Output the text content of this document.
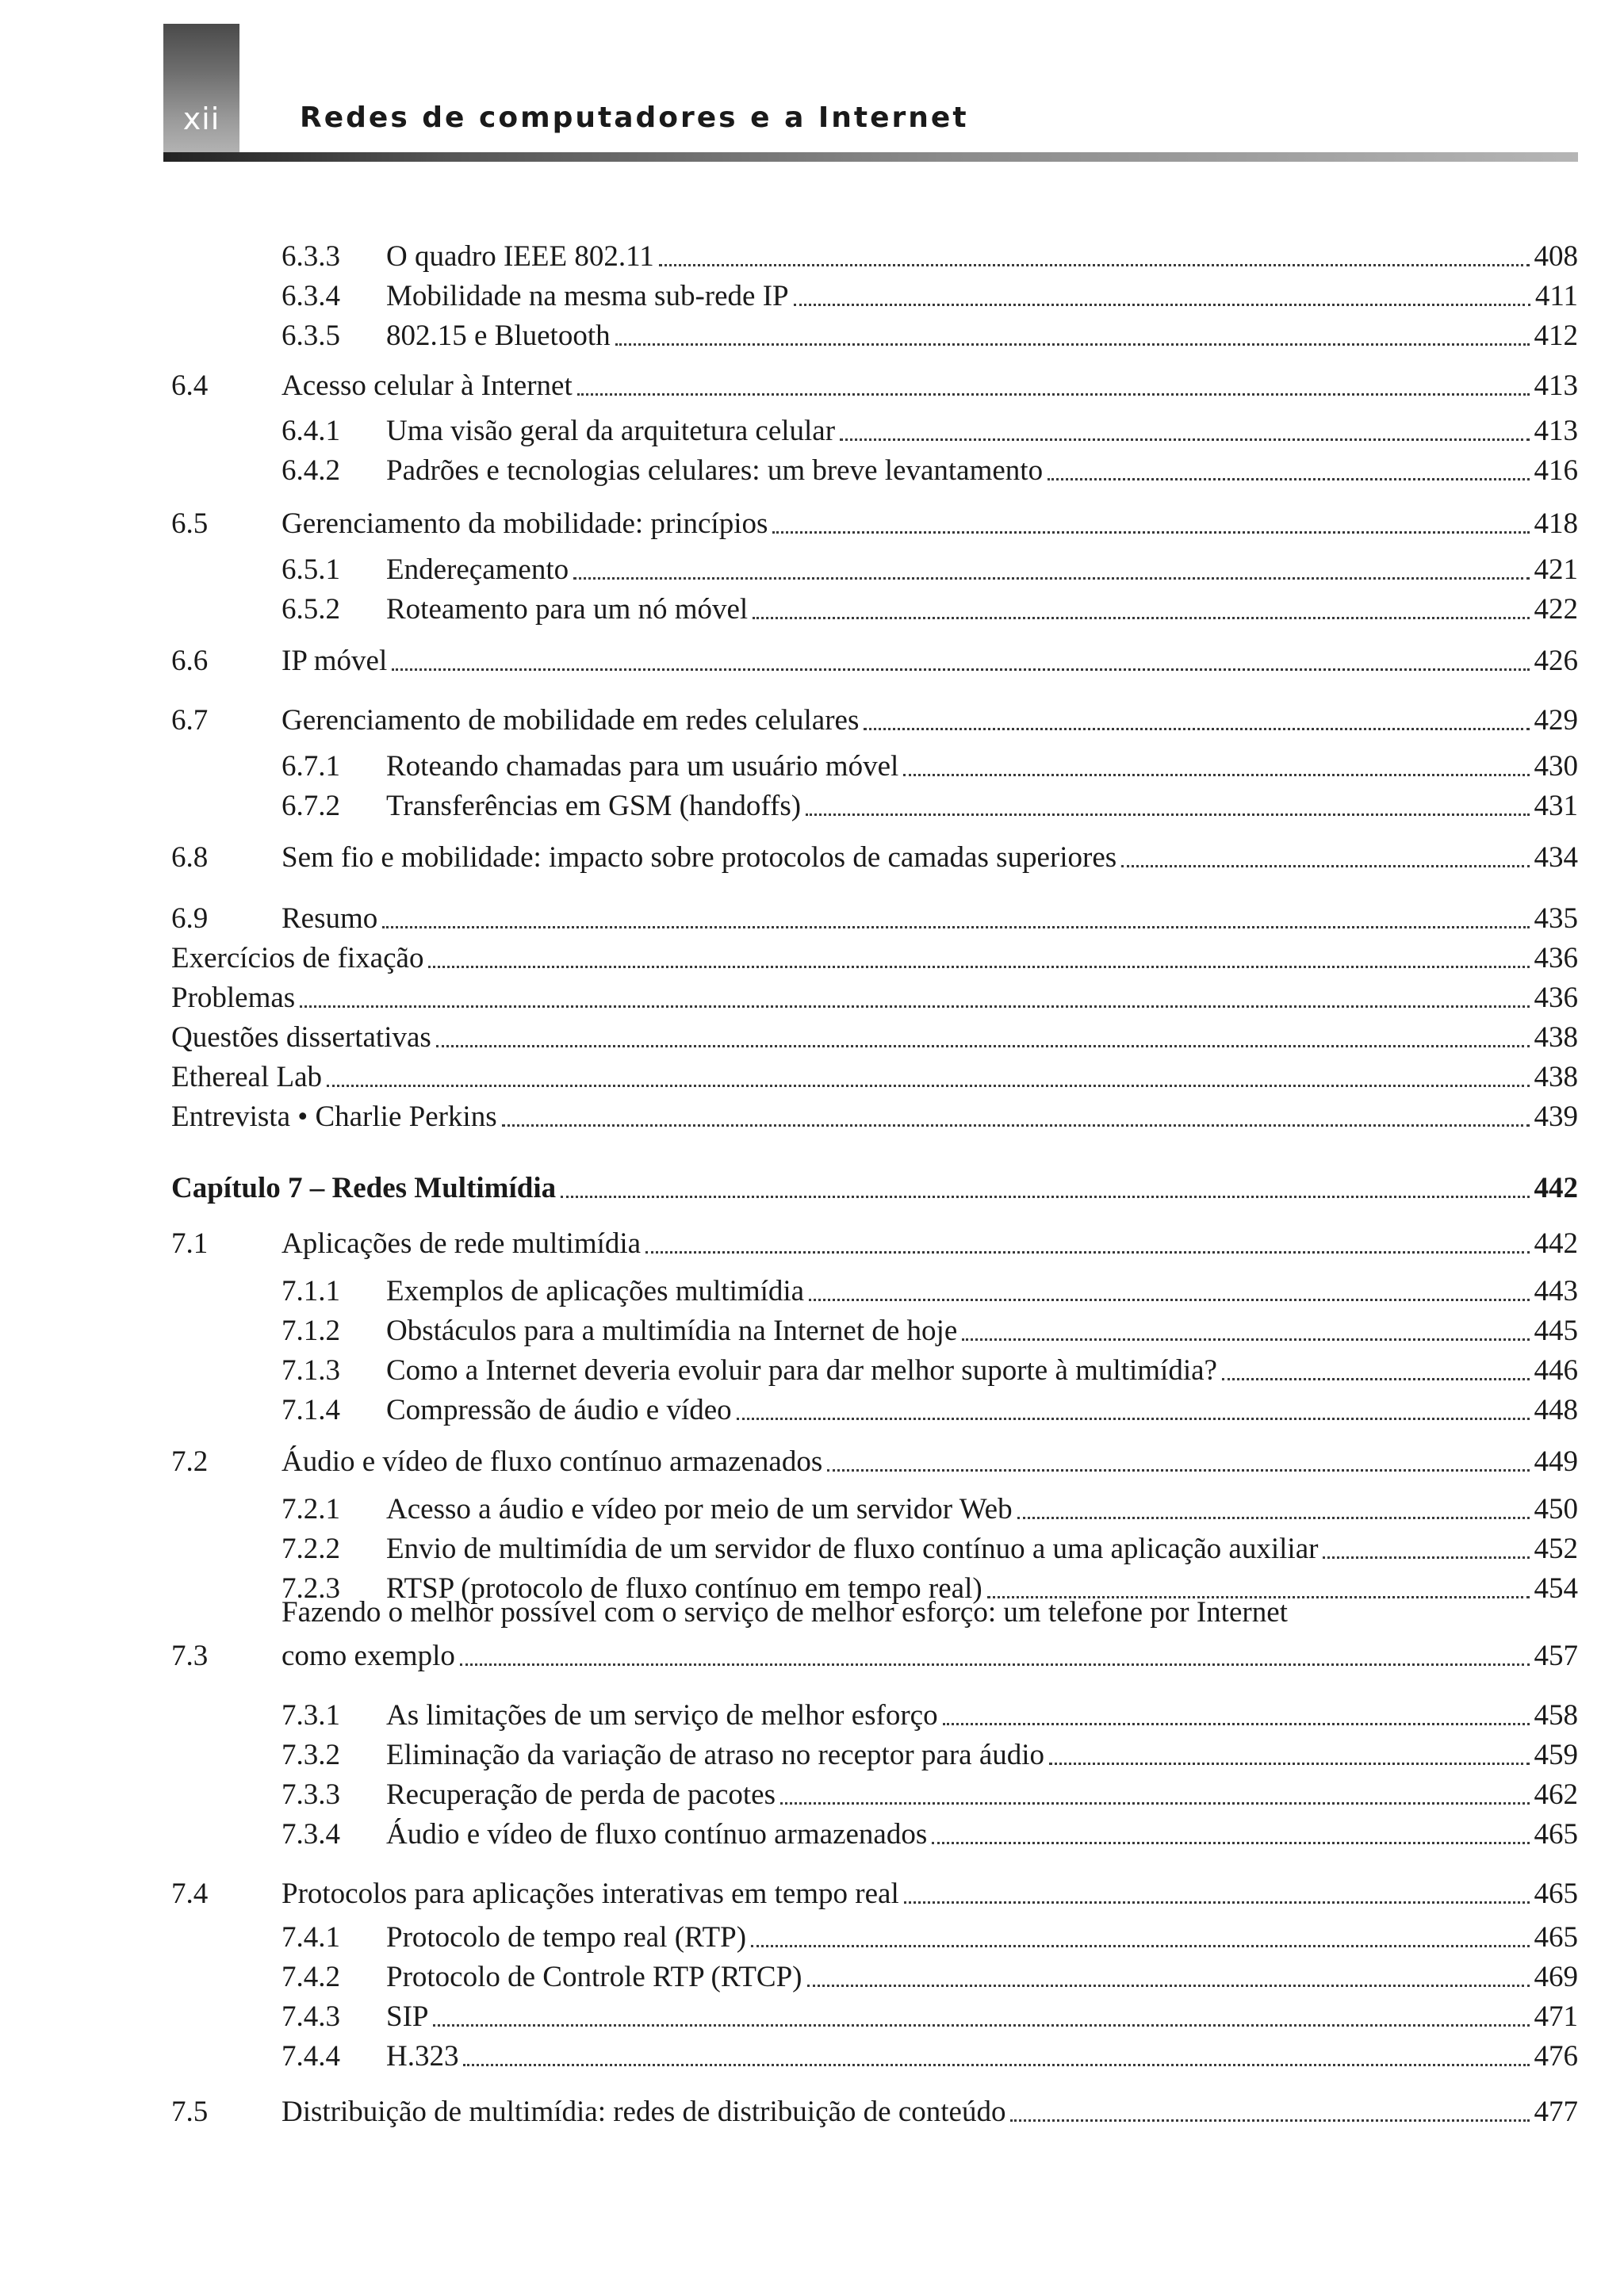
xii	Redes de computadores e a Internet
6.3.3 O quadro IEEE 802.11	408
6.3.4 Mobilidade na mesma sub-rede IP	411
6.3.5 802.15 e Bluetooth	412
6.4	Acesso celular à Internet	413
6.4.1 Uma visão geral da arquitetura celular	413
6.4.2 Padrões e tecnologias celulares: um breve levantamento	416
6.5	Gerenciamento da mobilidade: princípios	418
6.5.1 Endereçamento	421
6.5.2 Roteamento para um nó móvel	422
6.6	IP móvel	426
6.7	Gerenciamento de mobilidade em redes celulares	429
6.7.1 Roteando chamadas para um usuário móvel	430
6.7.2 Transferências em GSM (handoffs)	431
6.8	Sem fio e mobilidade: impacto sobre protocolos de camadas superiores	434
6.9	Resumo	435
Exercícios de fixação	436
Problemas	436
Questões dissertativas	438
Ethereal Lab	438
Entrevista • Charlie Perkins	439
Capítulo 7 – Redes Multimídia	442
7.1	Aplicações de rede multimídia	442
7.1.1 Exemplos de aplicações multimídia	443
7.1.2 Obstáculos para a multimídia na Internet de hoje	445
7.1.3 Como a Internet deveria evoluir para dar melhor suporte à multimídia?	446
7.1.4 Compressão de áudio e vídeo	448
7.2	Áudio e vídeo de fluxo contínuo armazenados	449
7.2.1 Acesso a áudio e vídeo por meio de um servidor Web	450
7.2.2 Envio de multimídia de um servidor de fluxo contínuo a uma aplicação auxiliar	452
7.2.3 RTSP (protocolo de fluxo contínuo em tempo real)	454
7.3
Fazendo o melhor possível com o serviço de melhor esforço: um telefone por Internet
como exemplo	457
7.3.1 As limitações de um serviço de melhor esforço	458
7.3.2 Eliminação da variação de atraso no receptor para áudio	459
7.3.3 Recuperação de perda de pacotes	462
7.3.4 Áudio e vídeo de fluxo contínuo armazenados	465
7.4	Protocolos para aplicações interativas em tempo real	465
7.4.1 Protocolo de tempo real (RTP)	465
7.4.2 Protocolo de Controle RTP (RTCP)	469
7.4.3 SIP	471
7.4.4 H.323	476
7.5	Distribuição de multimídia: redes de distribuição de conteúdo	477
